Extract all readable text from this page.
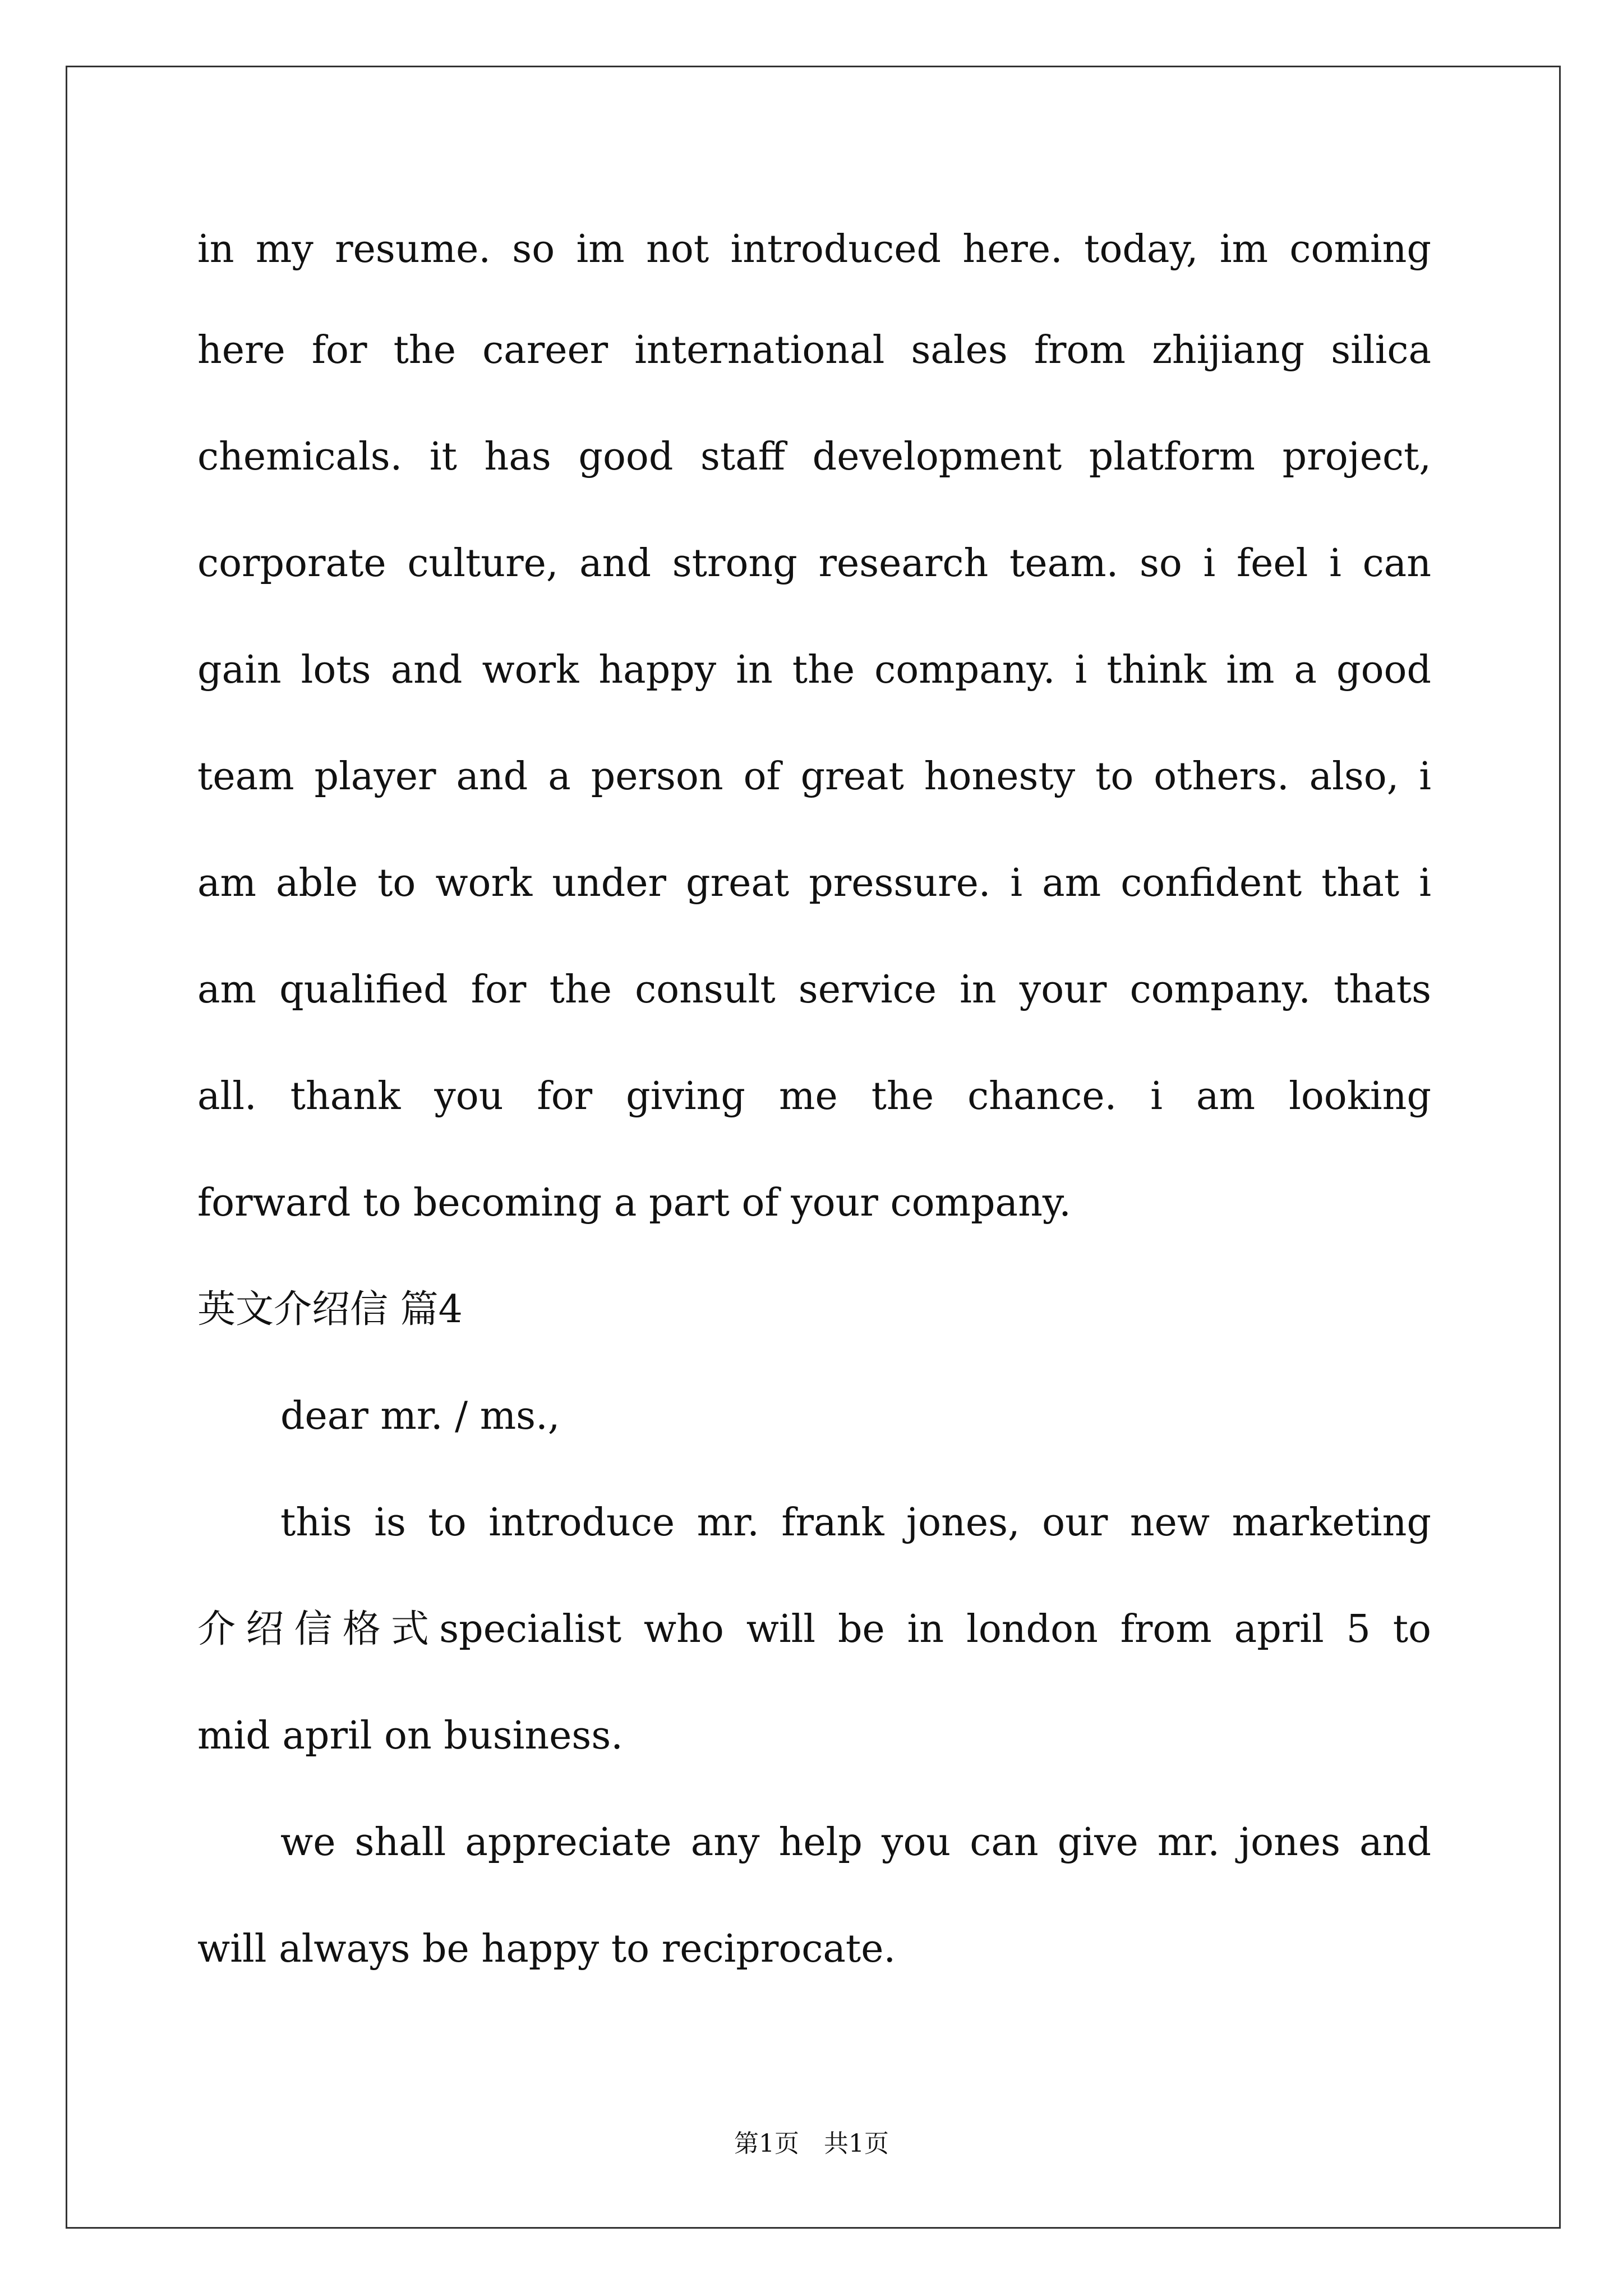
in my resume. so im not introduced here. today, im coming
here for the career international sales from zhijiang silica
chemicals. it has good staff development platform project,
corporate culture, and strong research team. so i feel i can
gain lots and work happy in the company. i think im a good
team player and a person of great honesty to others. also, i
am able to work under great pressure. i am confident that i
am qualified for the consult service in your company. thats
all. thank you for giving me the chance. i am looking
forward to becoming a part of your company.
英文介绍信 篇4
dear mr. / ms.,
this is to introduce mr. frank jones, our new marketing
介绍信格式specialist who will be in london from april 5 to
mid april on business.
we shall appreciate any help you can give mr. jones and
will always be happy to reciprocate.
第1页　共1页
